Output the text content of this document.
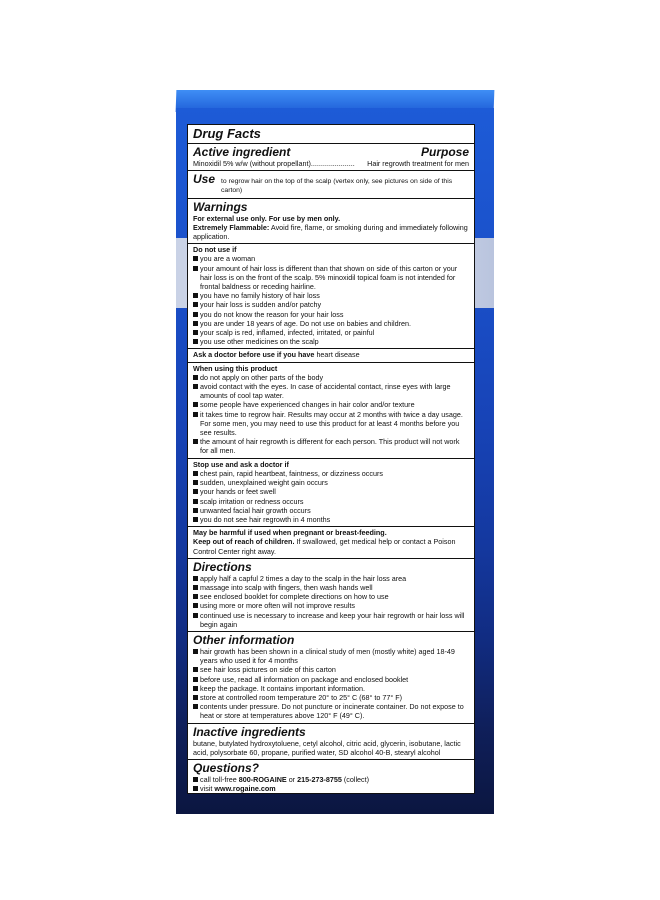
Drug Facts
Active ingredient	Purpose
Minoxidil 5% w/w (without propellant) ......................	Hair regrowth treatment for men
Use to regrow hair on the top of the scalp (vertex only, see pictures on side of this carton)
Warnings
For external use only. For use by men only.
Extremely Flammable: Avoid fire, flame, or smoking during and immediately following application.
Do not use if
you are a woman
your amount of hair loss is different than that shown on side of this carton or your hair loss is on the front of the scalp. 5% minoxidil topical foam is not intended for frontal baldness or receding hairline.
you have no family history of hair loss
your hair loss is sudden and/or patchy
you do not know the reason for your hair loss
you are under 18 years of age. Do not use on babies and children.
your scalp is red, inflamed, infected, irritated, or painful
you use other medicines on the scalp
Ask a doctor before use if you have heart disease
When using this product
do not apply on other parts of the body
avoid contact with the eyes. In case of accidental contact, rinse eyes with large amounts of cool tap water.
some people have experienced changes in hair color and/or texture
it takes time to regrow hair. Results may occur at 2 months with twice a day usage. For some men, you may need to use this product for at least 4 months before you see results.
the amount of hair regrowth is different for each person. This product will not work for all men.
Stop use and ask a doctor if
chest pain, rapid heartbeat, faintness, or dizziness occurs
sudden, unexplained weight gain occurs
your hands or feet swell
scalp irritation or redness occurs
unwanted facial hair growth occurs
you do not see hair regrowth in 4 months
May be harmful if used when pregnant or breast-feeding.
Keep out of reach of children. If swallowed, get medical help or contact a Poison Control Center right away.
Directions
apply half a capful 2 times a day to the scalp in the hair loss area
massage into scalp with fingers, then wash hands well
see enclosed booklet for complete directions on how to use
using more or more often will not improve results
continued use is necessary to increase and keep your hair regrowth or hair loss will begin again
Other information
hair growth has been shown in a clinical study of men (mostly white) aged 18-49 years who used it for 4 months
see hair loss pictures on side of this carton
before use, read all information on package and enclosed booklet
keep the package. It contains important information.
store at controlled room temperature 20° to 25° C (68° to 77° F)
contents under pressure. Do not puncture or incinerate container. Do not expose to heat or store at temperatures above 120° F (49° C).
Inactive ingredients
butane, butylated hydroxytoluene, cetyl alcohol, citric acid, glycerin, isobutane, lactic acid, polysorbate 60, propane, purified water, SD alcohol 40-B, stearyl alcohol
Questions?
call toll-free 800-ROGAINE or 215-273-8755 (collect)
visit www.rogaine.com
